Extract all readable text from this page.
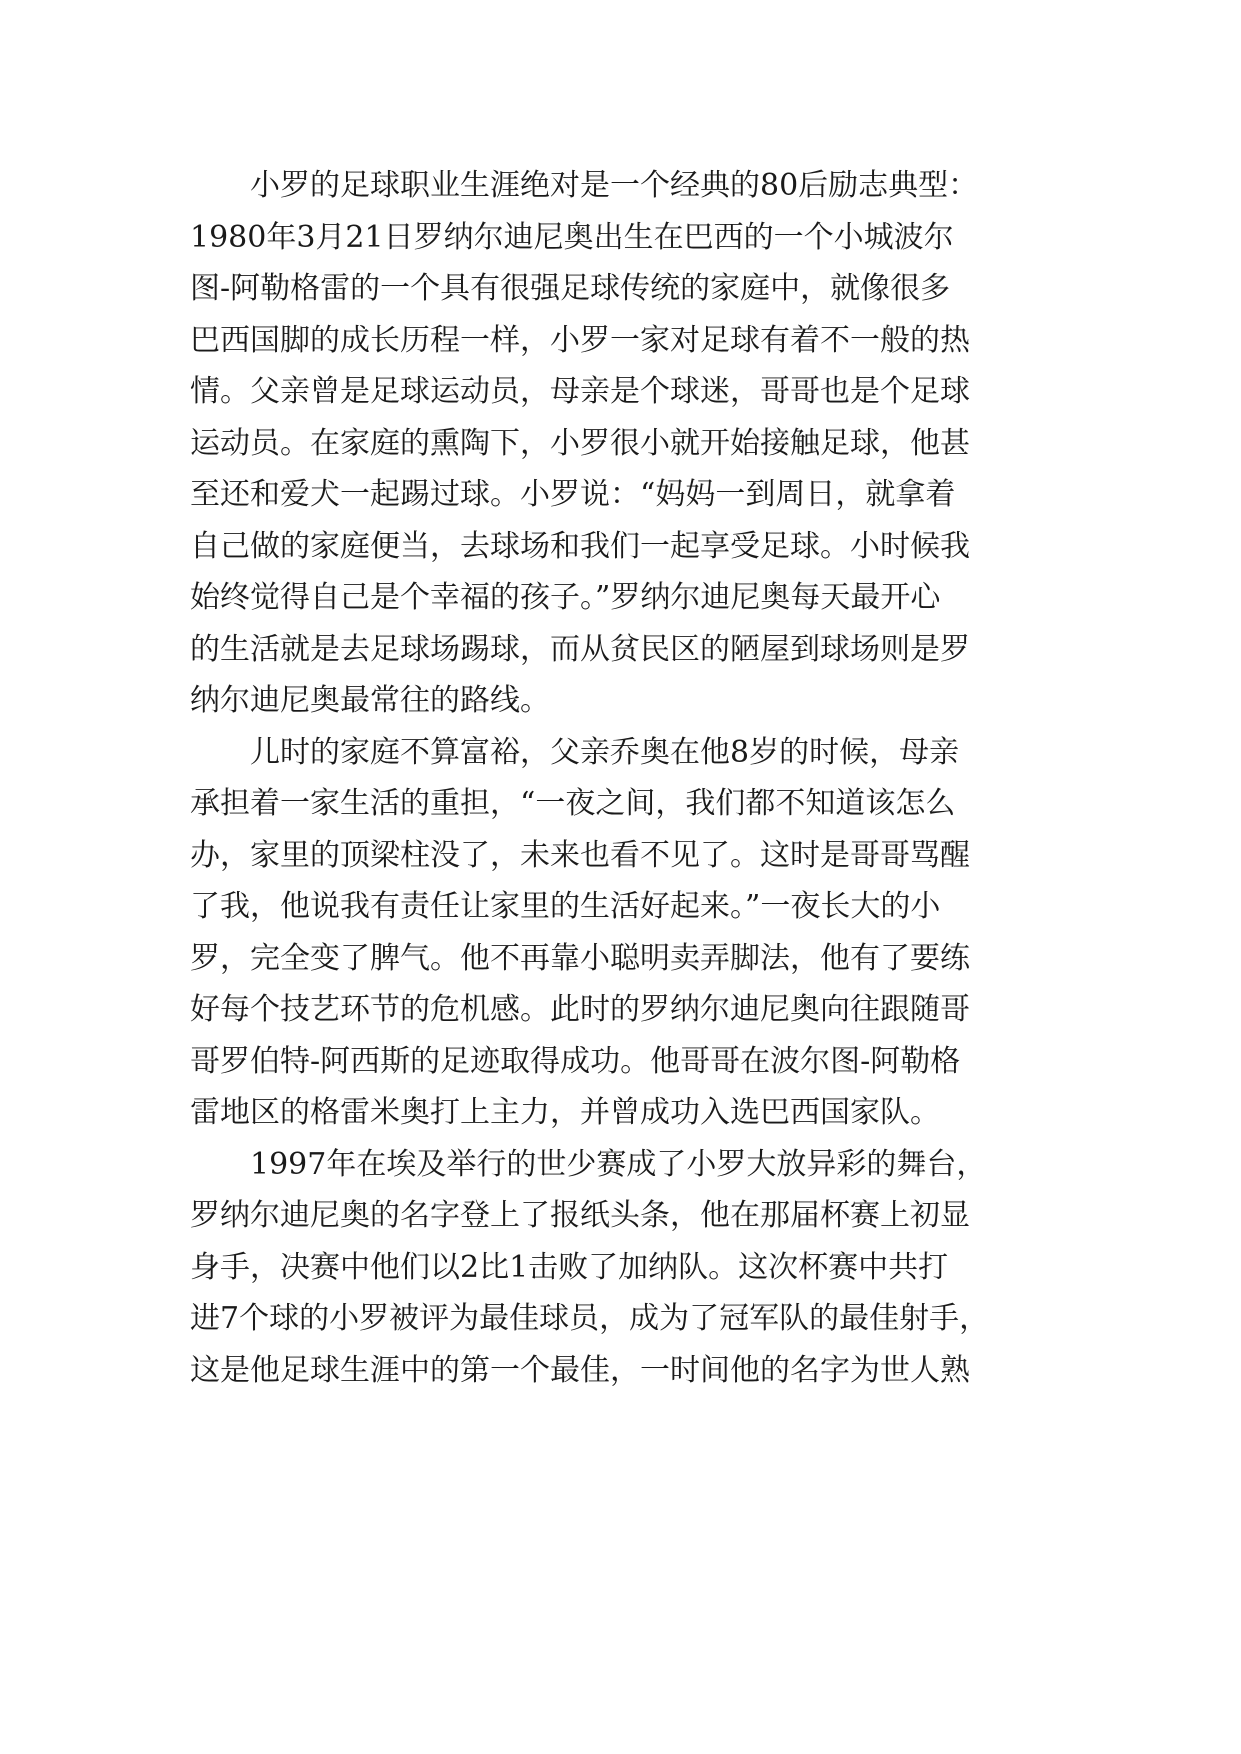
小罗的足球职业生涯绝对是一个经典的80后励志典型：
1980年3月21日罗纳尔迪尼奥出生在巴西的一个小城波尔
图-阿勒格雷的一个具有很强足球传统的家庭中，就像很多
巴西国脚的成长历程一样，小罗一家对足球有着不一般的热
情。父亲曾是足球运动员，母亲是个球迷，哥哥也是个足球
运动员。在家庭的熏陶下，小罗很小就开始接触足球，他甚
至还和爱犬一起踢过球。小罗说：“妈妈一到周日，就拿着
自己做的家庭便当，去球场和我们一起享受足球。小时候我
始终觉得自己是个幸福的孩子。”罗纳尔迪尼奥每天最开心
的生活就是去足球场踢球，而从贫民区的陋屋到球场则是罗
纳尔迪尼奥最常往的路线。
儿时的家庭不算富裕，父亲乔奥在他8岁的时候，母亲
承担着一家生活的重担，“一夜之间，我们都不知道该怎么
办，家里的顶梁柱没了，未来也看不见了。这时是哥哥骂醒
了我，他说我有责任让家里的生活好起来。”一夜长大的小
罗，完全变了脾气。他不再靠小聪明卖弄脚法，他有了要练
好每个技艺环节的危机感。此时的罗纳尔迪尼奥向往跟随哥
哥罗伯特-阿西斯的足迹取得成功。他哥哥在波尔图-阿勒格
雷地区的格雷米奥打上主力，并曾成功入选巴西国家队。
1997年在埃及举行的世少赛成了小罗大放异彩的舞台，
罗纳尔迪尼奥的名字登上了报纸头条，他在那届杯赛上初显
身手，决赛中他们以2比1击败了加纳队。这次杯赛中共打
进7个球的小罗被评为最佳球员，成为了冠军队的最佳射手，
这是他足球生涯中的第一个最佳，一时间他的名字为世人熟
